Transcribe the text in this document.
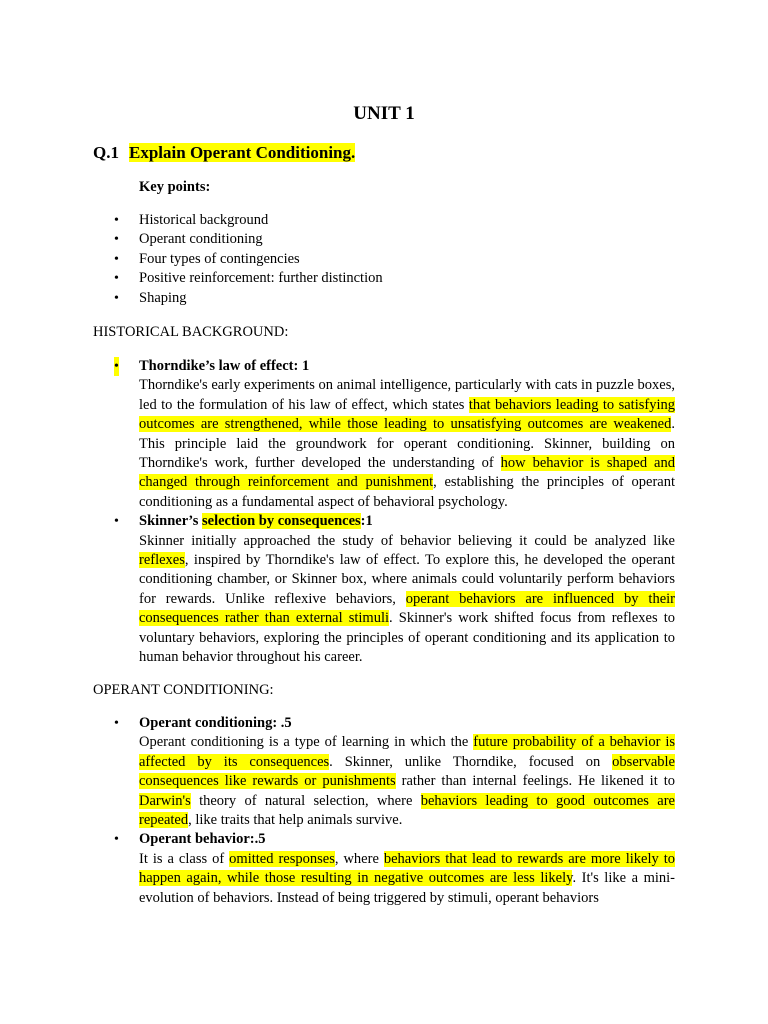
UNIT 1
Q.1 Explain Operant Conditioning.
Key points:
• Historical background
• Operant conditioning
• Four types of contingencies
• Positive reinforcement: further distinction
• Shaping
HISTORICAL BACKGROUND:
• Thorndike’s law of effect: 1
Thorndike's early experiments on animal intelligence, particularly with cats in puzzle boxes, led to the formulation of his law of effect, which states that behaviors leading to satisfying outcomes are strengthened, while those leading to unsatisfying outcomes are weakened. This principle laid the groundwork for operant conditioning. Skinner, building on Thorndike's work, further developed the understanding of how behavior is shaped and changed through reinforcement and punishment, establishing the principles of operant conditioning as a fundamental aspect of behavioral psychology.
• Skinner’s selection by consequences:1
Skinner initially approached the study of behavior believing it could be analyzed like reflexes, inspired by Thorndike's law of effect. To explore this, he developed the operant conditioning chamber, or Skinner box, where animals could voluntarily perform behaviors for rewards. Unlike reflexive behaviors, operant behaviors are influenced by their consequences rather than external stimuli. Skinner's work shifted focus from reflexes to voluntary behaviors, exploring the principles of operant conditioning and its application to human behavior throughout his career.
OPERANT CONDITIONING:
• Operant conditioning: .5
Operant conditioning is a type of learning in which the future probability of a behavior is affected by its consequences. Skinner, unlike Thorndike, focused on observable consequences like rewards or punishments rather than internal feelings. He likened it to Darwin's theory of natural selection, where behaviors leading to good outcomes are repeated, like traits that help animals survive.
• Operant behavior:.5
It is a class of omitted responses, where behaviors that lead to rewards are more likely to happen again, while those resulting in negative outcomes are less likely. It's like a mini-evolution of behaviors. Instead of being triggered by stimuli, operant behaviors
